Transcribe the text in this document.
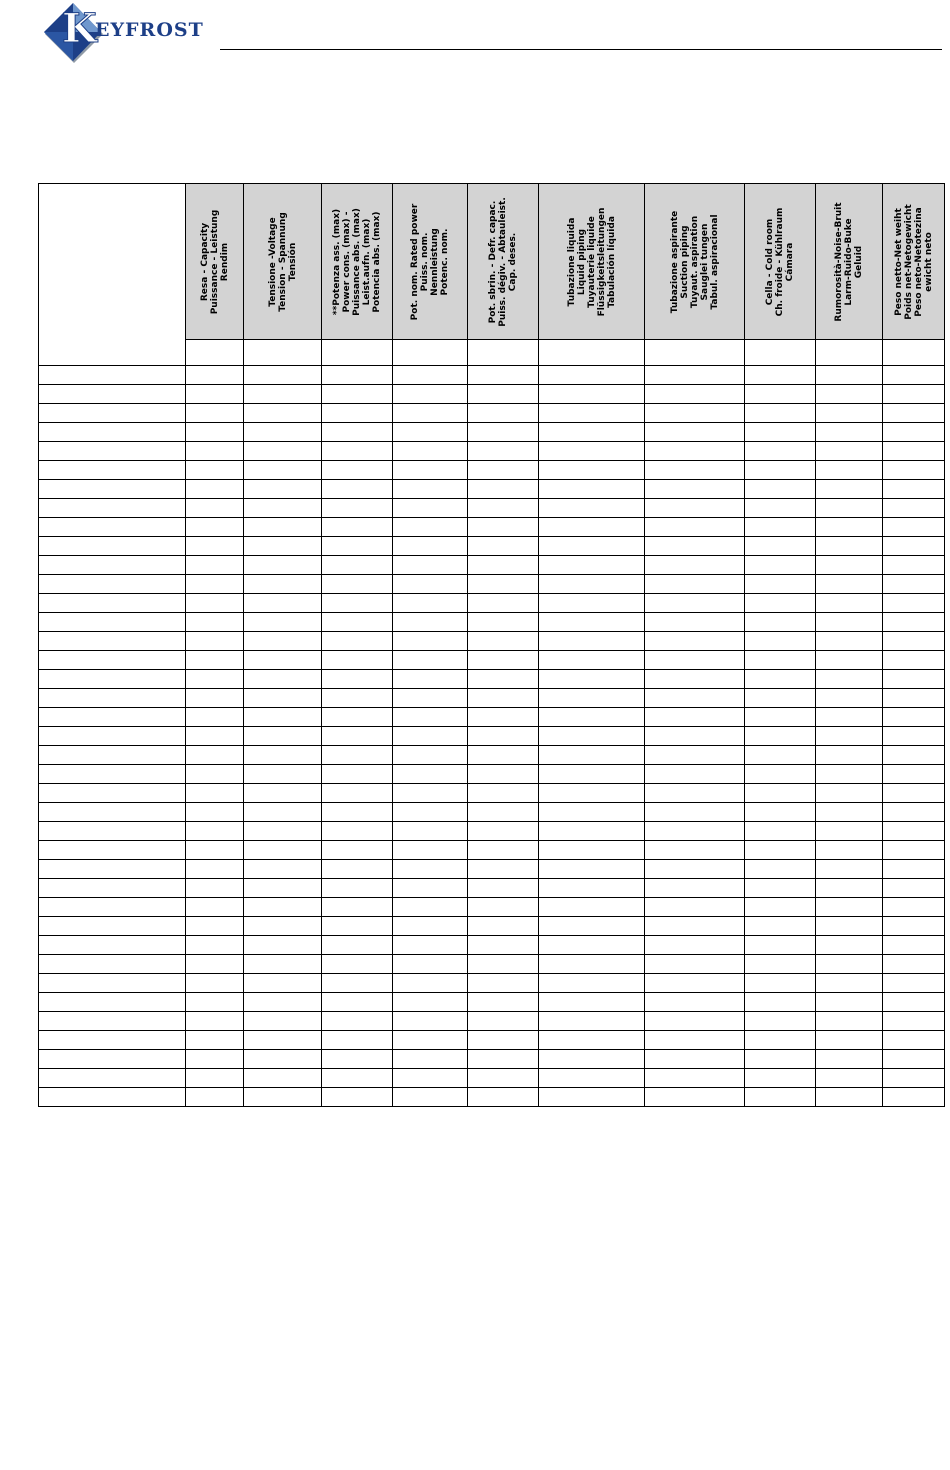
K
EYFROST

	Resa - Capacity Puissance - Leistung Rendim	Tensione -Voltage Tension - Spannung Tensión	**Potenza ass. (max) Power cons. (max) - Puissance abs. (max) Leist.aufn. (max) Potencia abs. (max)	Pot. nom. Rated power Puiss. nom. Nennleistung Potenc. nom.	Pot. sbrin. - Defr. capac. Puiss. dégiv. - Abtauleist. Cap. deses.	Tubazione liquida Liquid piping Tuyauterie liquide Flüssigkeitsleitungen Tabulación líquida	Tubazione aspirante Suction piping Tuyaut. aspiration Sauglei tungen Tabul. aspiracional	Cella - Cold room Ch. froide - Kühlraum Cámara	Rumorosità-Noise-Bruit Larm-Ruido-Buke Geluid	Peso netto-Net weiht Poids net-Netogewicht Peso neto-Netotezina ewicht neto
